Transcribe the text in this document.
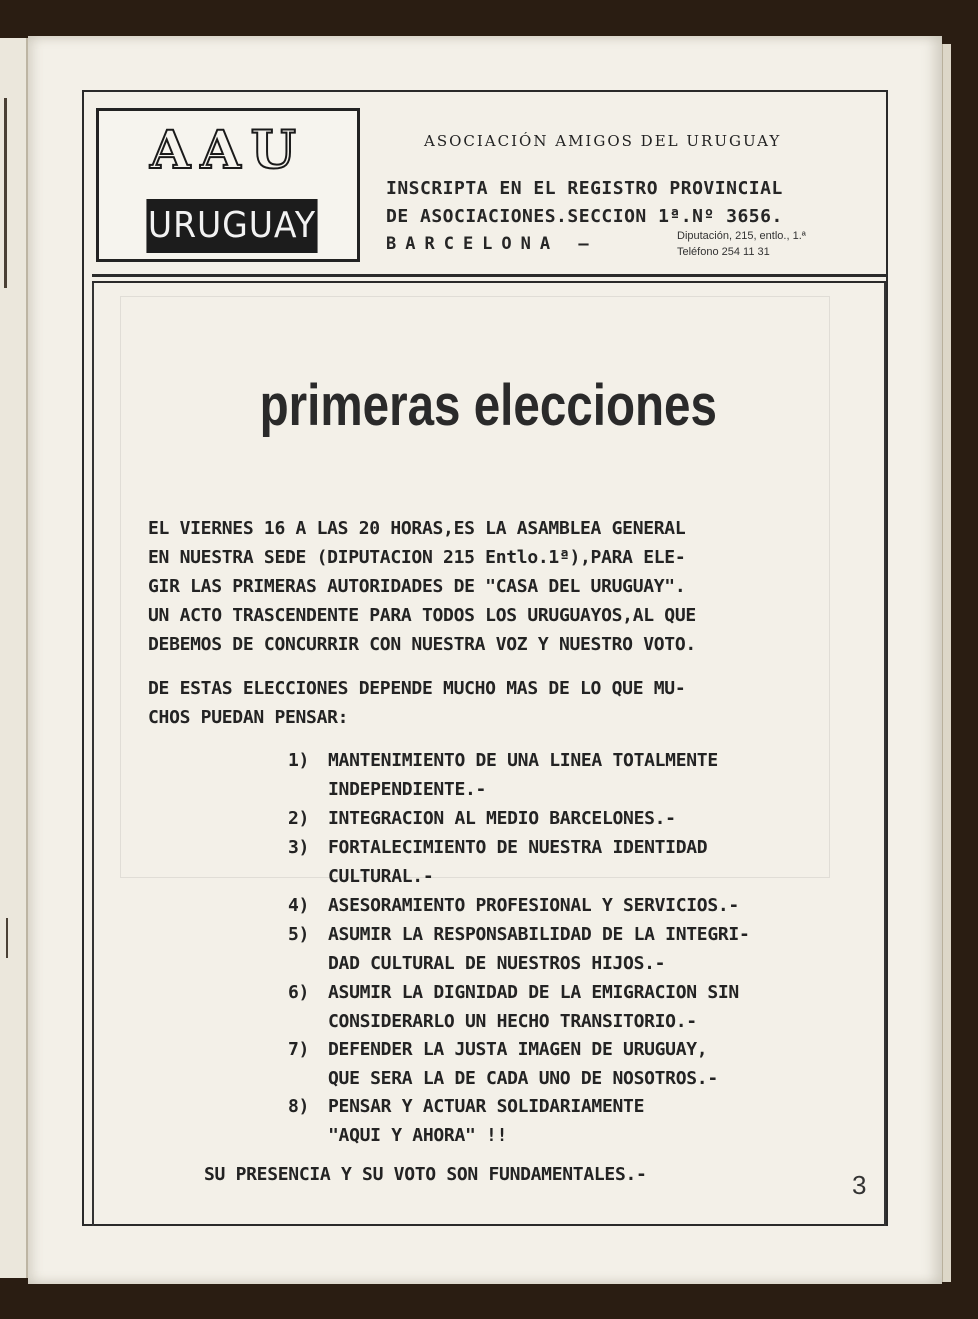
AAU
URUGUAY
ASOCIACIÓN AMIGOS DEL URUGUAY
INSCRIPTA EN EL REGISTRO PROVINCIAL
DE ASOCIACIONES.SECCION 1ª.Nº 3656.
BARCELONA —	Diputación, 215, entlo., 1.ª
Teléfono 254 11 31
primeras elecciones
EL VIERNES 16 A LAS 20 HORAS,ES LA ASAMBLEA GENERAL
EN NUESTRA SEDE (DIPUTACION 215 Entlo.1ª),PARA ELE-
GIR LAS PRIMERAS AUTORIDADES DE "CASA DEL URUGUAY".
UN ACTO TRASCENDENTE PARA TODOS LOS URUGUAYOS,AL QUE
DEBEMOS DE CONCURRIR CON NUESTRA VOZ Y NUESTRO VOTO.
DE ESTAS ELECCIONES DEPENDE MUCHO MAS DE LO QUE MU-
CHOS PUEDAN PENSAR:
1) MANTENIMIENTO DE UNA LINEA TOTALMENTE
INDEPENDIENTE.-
2) INTEGRACION AL MEDIO BARCELONES.-
3) FORTALECIMIENTO DE NUESTRA IDENTIDAD
CULTURAL.-
4) ASESORAMIENTO PROFESIONAL Y SERVICIOS.-
5) ASUMIR LA RESPONSABILIDAD DE LA INTEGRI-
DAD CULTURAL DE NUESTROS HIJOS.-
6) ASUMIR LA DIGNIDAD DE LA EMIGRACION SIN
CONSIDERARLO UN HECHO TRANSITORIO.-
7) DEFENDER LA JUSTA IMAGEN DE URUGUAY,
QUE SERA LA DE CADA UNO DE NOSOTROS.-
8) PENSAR Y ACTUAR SOLIDARIAMENTE
"AQUI Y AHORA" !!
SU PRESENCIA Y SU VOTO SON FUNDAMENTALES.-	3
